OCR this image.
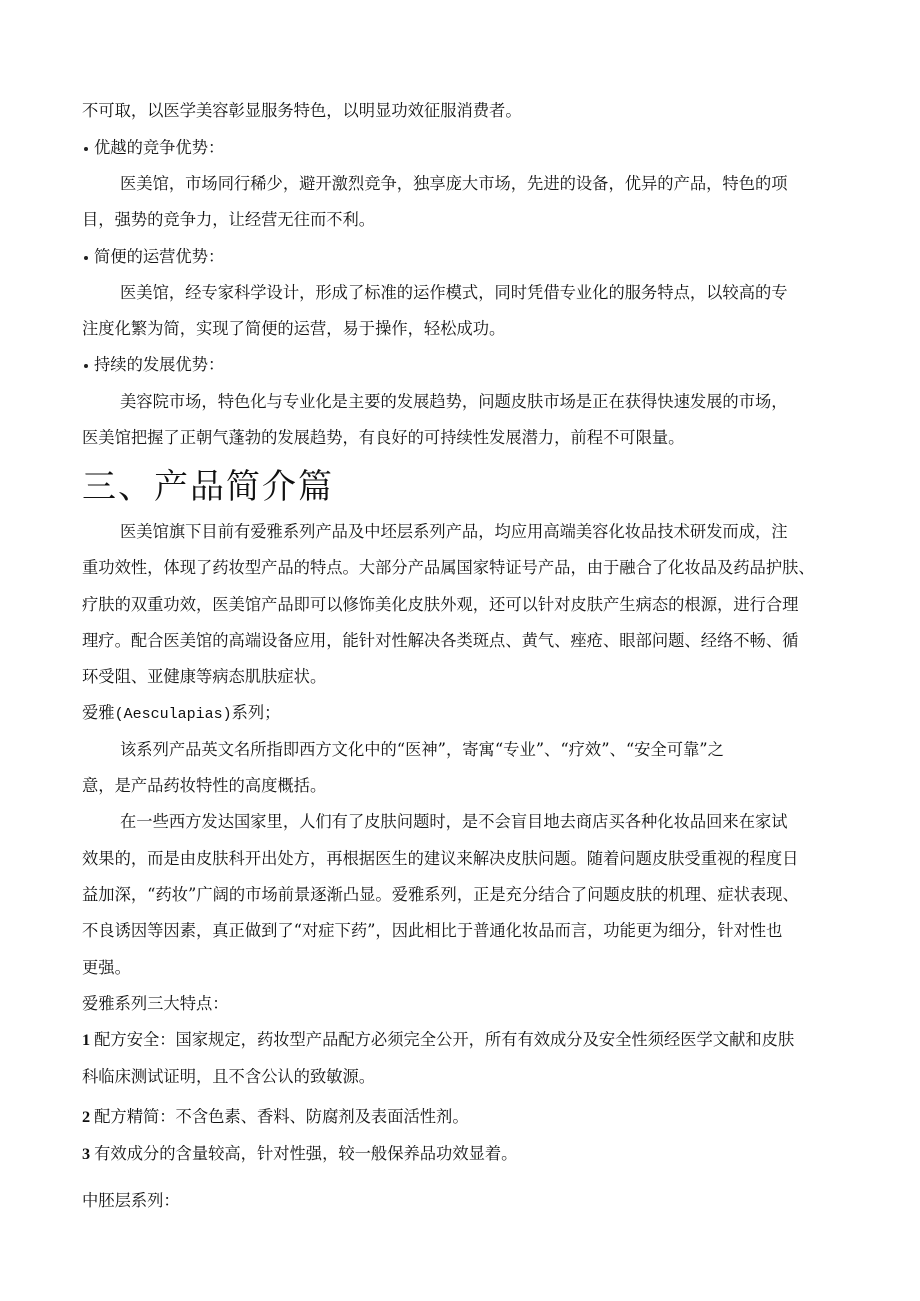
不可取，以医学美容彰显服务特色，以明显功效征服消费者。

优越的竞争优势：

医美馆，市场同行稀少，避开激烈竞争，独享庞大市场，先进的设备，优异的产品，特色的项

目，强势的竞争力，让经营无往而不利。

简便的运营优势：

医美馆，经专家科学设计，形成了标准的运作模式，同时凭借专业化的服务特点，以较高的专

注度化繁为简，实现了简便的运营，易于操作，轻松成功。

持续的发展优势：

美容院市场，特色化与专业化是主要的发展趋势，问题皮肤市场是正在获得快速发展的市场，

医美馆把握了正朝气蓬勃的发展趋势，有良好的可持续性发展潜力，前程不可限量。

三、产品简介篇

医美馆旗下目前有爱雅系列产品及中坯层系列产品，均应用高端美容化妆品技术研发而成，注

重功效性，体现了药妆型产品的特点。大部分产品属国家特证号产品，由于融合了化妆品及药品护肤、

疗肤的双重功效，医美馆产品即可以修饰美化皮肤外观，还可以针对皮肤产生病态的根源，进行合理

理疗。配合医美馆的高端设备应用，能针对性解决各类斑点、黄气、痤疮、眼部问题、经络不畅、循

环受阻、亚健康等病态肌肤症状。

爱雅(Aesculapias)系列；

该系列产品英文名所指即西方文化中的“医神”，寄寓“专业”、“疗效”、“安全可靠”之

意，是产品药妆特性的高度概括。

在一些西方发达国家里，人们有了皮肤问题时，是不会盲目地去商店买各种化妆品回来在家试

效果的，而是由皮肤科开出处方，再根据医生的建议来解决皮肤问题。随着问题皮肤受重视的程度日

益加深，“药妆”广阔的市场前景逐渐凸显。爱雅系列，正是充分结合了问题皮肤的机理、症状表现、

不良诱因等因素，真正做到了“对症下药”，因此相比于普通化妆品而言，功能更为细分，针对性也

更强。

爱雅系列三大特点：

1 配方安全：国家规定，药妆型产品配方必须完全公开，所有有效成分及安全性须经医学文献和皮肤

科临床测试证明，且不含公认的致敏源。

2 配方精简：不含色素、香料、防腐剂及表面活性剂。

3 有效成分的含量较高，针对性强，较一般保养品功效显着。

中胚层系列：
